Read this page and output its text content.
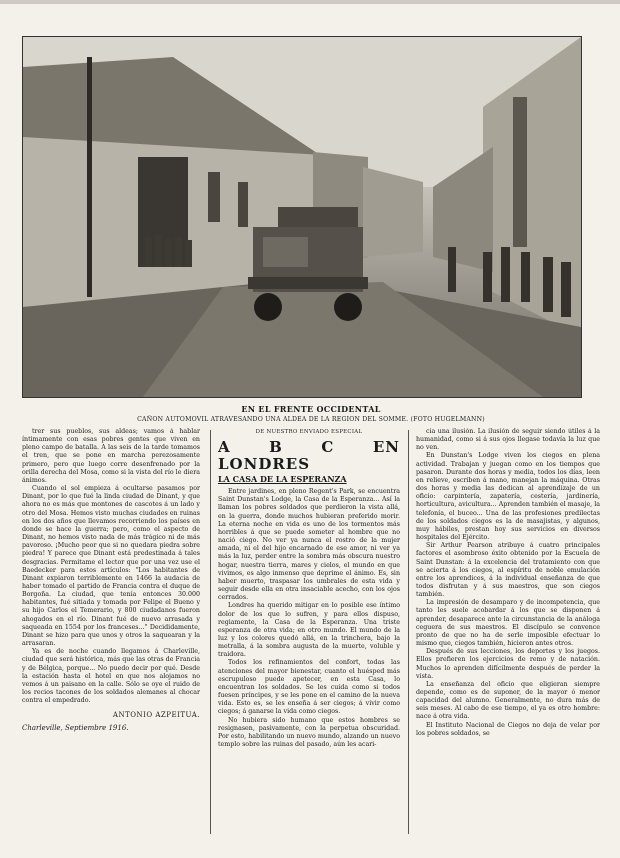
EN EL FRENTE OCCIDENTAL
CAÑON AUTOMOVIL ATRAVESANDO UNA ALDEA DE LA REGION DEL SOMME. (FOTO HUGELMANN)

trer sus pueblos, sus aldeas; vamos á hablar íntimamente con esas pobres gentes que viven en pleno campo de batalla. A las seis de la tarde tomamos el tren, que se pone en marcha perezosamente primero, pero que luego corre desenfrenado por la orilla derecha del Mosa, como si la vista del río le diera ánimos.

Cuando el sol empieza á ocultarse pasamos por Dinant, por lo que fué la linda ciudad de Dinant, y que ahora no es más que montones de cascotes á un lado y otro del Mosa. Hemos visto muchas ciudades en ruinas en los dos años que llevamos recorriendo los países en donde se hace la guerra; pero, como el aspecto de Dinant, no hemos visto nada de más trágico ni de más pavoroso. ¡Mucho peor que si no quedara piedra sobre piedra! Y parece que Dinant está predestinada á tales desgracias. Permitame el lector que por una vez use el Baedecker para estos artículos: "Los habitantes de Dinant expiaron terriblemente en 1466 la audacia de haber tomado el partido de Francia contra el duque de Borgoña. La ciudad, que tenía entonces 30.000 habitantes, fué sitiada y tomada por Felipe el Bueno y su hijo Carlos el Temerario, y 800 ciudadanos fueron ahogados en el río. Dinant fué de nuevo arrasada y saqueada en 1554 por los franceses..." Decididamente, Dinant se hizo para que unos y otros la saquearan y la arrasaran.

Ya es de noche cuando llegamos á Charleville, ciudad que será histórica, más que las otras de Francia y de Bélgica, porque... No puedo decir por qué. Desde la estación hasta el hotel en que nos alojamos no vemos á un paisano en la calle. Sólo se oye el ruido de los recios tacones de los soldados alemanes al chocar contra el empedrado.

ANTONIO AZPEITUA.
Charleville, Septiembre 1916.
DE NUESTRO ENVIADO ESPECIAL
A B C EN LONDRES
LA CASA DE LA ESPERANZA

Entre jardines, en pleno Regent's Park, se encuentra Saint Dunstan's Lodge, la Casa de la Esperanza... Así la llaman los pobres soldados que perdieron la vista allá, en la guerra, donde muchos hubieran preferido morir. La eterna noche en vida es uno de los tormentos más horribles á que se puede someter al hombre que no nació ciego. No ver ya nunca el rostro de la mujer amada, ni el del hijo encarnado de ese amor, ni ver ya más la luz, perder entre la sombra más obscura nuestro hogar, nuestra tierra, mares y cielos, el mundo en que vivimos, es algo inmenso que deprime el ánimo. Es, sin haber muerto, traspasar los umbrales de esta vida y seguir desde ella en otra insaciable acecho, con los ojos cerrados.

Londres ha querido mitigar en lo posible ese íntimo dolor de los que lo sufren, y para ellos dispuso, regiamente, la Casa de la Esperanza. Una triste esperanza de otra vida; en otro mundo. El mundo de la luz y los colores quedó allá, en la trinchera, bajo la metralla, á la sombra augusta de la muerte, voluble y traidora.

Todos los refinamientos del confort, todas las atenciones del mayor bienestar, cuanto el huésped más escrupuloso puede apetecer, en esta Casa, lo encuentran los soldados. Se les cuida como si todos fuesen príncipes, y se les pone en el camino de la nueva vida. Esto es, se les enseña á ser ciegos; á vivir como ciegos; á ganarse la vida como ciegos.

No hubiera sido humano que estos hombres se resignasen, pasivamente, con la perpetua obscuridad. Por esto, habilitando un nuevo mundo, alzando un nuevo templo sobre las ruinas del pasado, aún les acari-

cia una ilusión. La ilusión de seguir siendo útiles á la humanidad, como si á sus ojos llegase todavía la luz que no ven.

En Dunstan's Lodge viven los ciegos en plena actividad. Trabajan y juegan como en los tiempos que pasaron. Durante dos horas y media, todos los días, leen en relieve, escriben á mano, manejan la máquina. Otras dos horas y media las dedican al aprendizaje de un oficio: carpintería, zapatería, cestería, jardinería, horticultura, avicultura... Aprenden también el masaje, la telefonía, el buceo... Una de las profesiones predilectas de los soldados ciegos es la de masajistas, y algunos, muy hábiles, prestan hoy sus servicios en diversos hospitales del Ejército.

Sir Arthur Pearson atribuye á cuatro principales factores el asombroso éxito obtenido por la Escuela de Saint Dunstan: á la excelencia del tratamiento con que se acierta á los ciegos, al espíritu de noble emulación entre los aprendices, á la individual enseñanza de que todos disfrutan y á sus maestros, que son ciegos también.

La impresión de desamparo y de incompetencia, que tanto les suele acobardar á los que se disponen á aprender, desaparece ante la circunstancia de la análoga ceguera de sus maestros. El discípulo se convence pronto de que no ha de serle imposible efectuar lo mismo que, ciegos también, hicieron antes otros.

Después de sus lecciones, los deportes y los juegos. Ellos prefieren los ejercicios de remo y de natación. Muchos lo aprenden difícilmente después de perder la vista.

La enseñanza del oficio que eligieran siempre depende, como es de suponer, de la mayor ó menor capacidad del alumno. Generalmente, no dura más de seis meses. Al cabo de ese tiempo, el ya es otro hombre: nace á otra vida.

El Instituto Nacional de Ciegos no deja de velar por los pobres soldados, se
